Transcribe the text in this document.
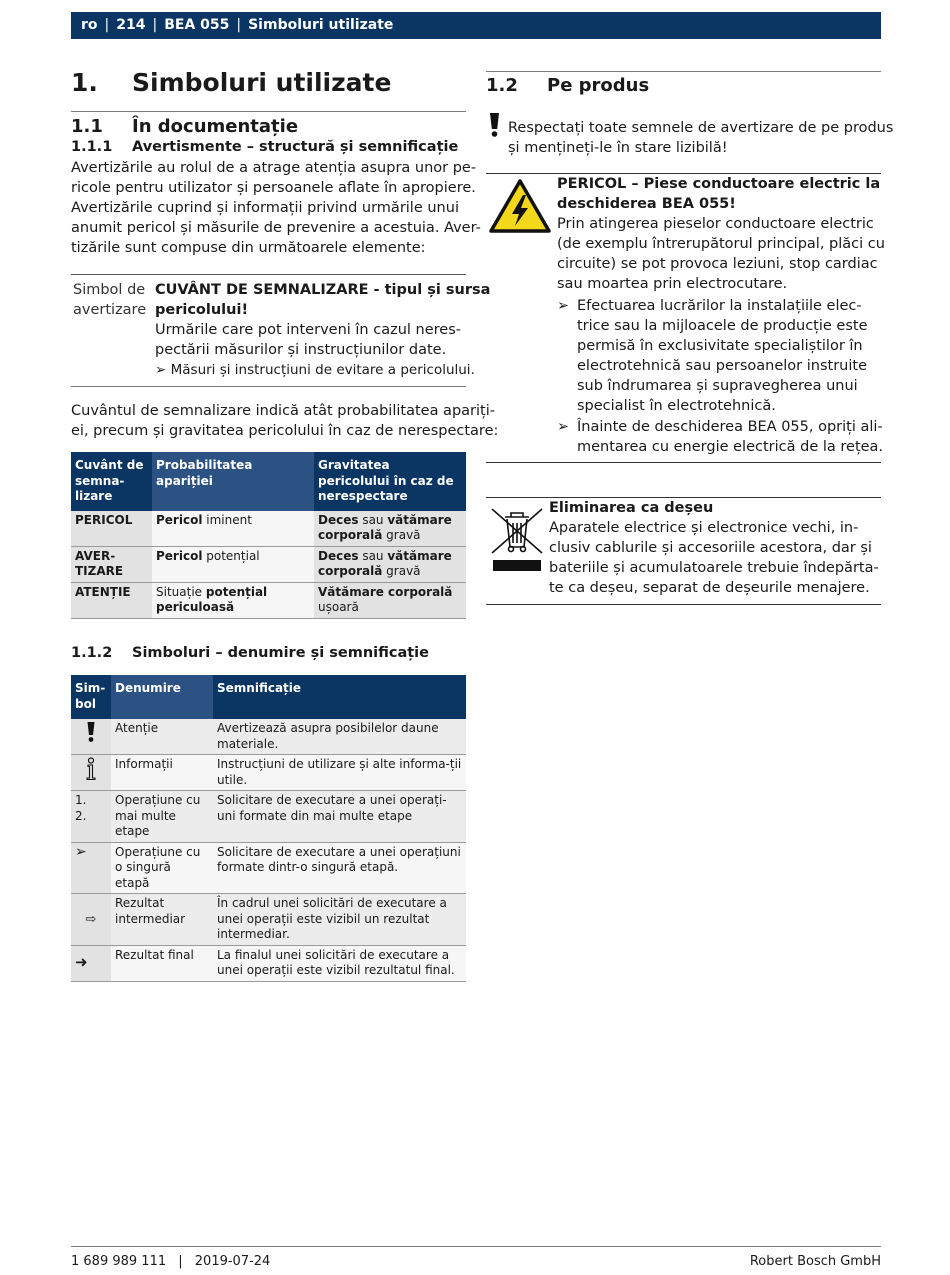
ro | 214 | BEA 055 | Simboluri utilizate
1. Simboluri utilizate
1.1 În documentație
1.1.1 Avertismente – structură și semnificație
Avertizările au rolul de a atrage atenția asupra unor pe-
ricole pentru utilizator și persoanele aflate în apropiere.
Avertizările cuprind și informații privind urmările unui
anumit pericol și măsurile de prevenire a acestuia. Aver-
tizările sunt compuse din următoarele elemente:
Simbol de
avertizare
CUVÂNT DE SEMNALIZARE - tipul și sursa
pericolului!
Urmările care pot interveni în cazul neres-
pectării măsurilor și instrucțiunilor date.
➢ Măsuri și instrucțiuni de evitare a pericolului.
Cuvântul de semnalizare indică atât probabilitatea apariți-
ei, precum și gravitatea pericolului în caz de nerespectare:
Cuvânt de semna-lizare	Probabilitatea apariției	Gravitatea pericolului în caz de nerespectare
PERICOL	Pericol iminent	Deces sau vătămare corporală gravă
AVER-TIZARE	Pericol potențial	Deces sau vătămare corporală gravă
ATENȚIE	Situație potențial periculoasă	Vătămare corporală ușoară
1.1.2 Simboluri – denumire și semnificație
Sim-bol	Denumire	Semnificație
	Atenție	Avertizează asupra posibilelor daune materiale.
	Informații	Instrucțiuni de utilizare și alte informa-ții utile.
1.
2.	Operațiune cu mai multe etape	Solicitare de executare a unei operați-uni formate din mai multe etape
➢	Operațiune cu o singură etapă	Solicitare de executare a unei operațiuni formate dintr-o singură etapă.
⇨	Rezultat intermediar	În cadrul unei solicitări de executare a unei operații este vizibil un rezultat intermediar.
➜	Rezultat final	La finalul unei solicitări de executare a unei operații este vizibil rezultatul final.
1.2 Pe produs
Respectați toate semnele de avertizare de pe produs
și mențineți-le în stare lizibilă!
PERICOL – Piese conductoare electric la
deschiderea BEA 055!
Prin atingerea pieselor conductoare electric
(de exemplu întrerupătorul principal, plăci cu
circuite) se pot provoca leziuni, stop cardiac
sau moartea prin electrocutare.
➢ Efectuarea lucrărilor la instalațiile elec-
trice sau la mijloacele de producție este
permisă în exclusivitate specialiștilor în
electrotehnică sau persoanelor instruite
sub îndrumarea și supravegherea unui
specialist în electrotehnică.
➢ Înainte de deschiderea BEA 055, opriți ali-
mentarea cu energie electrică de la rețea.
Eliminarea ca deșeu
Aparatele electrice și electronice vechi, in-
clusiv cablurile și accesoriile acestora, dar și
bateriile și acumulatoarele trebuie îndepărta-
te ca deșeu, separat de deșeurile menajere.
1 689 989 111 | 2019-07-24	Robert Bosch GmbH
